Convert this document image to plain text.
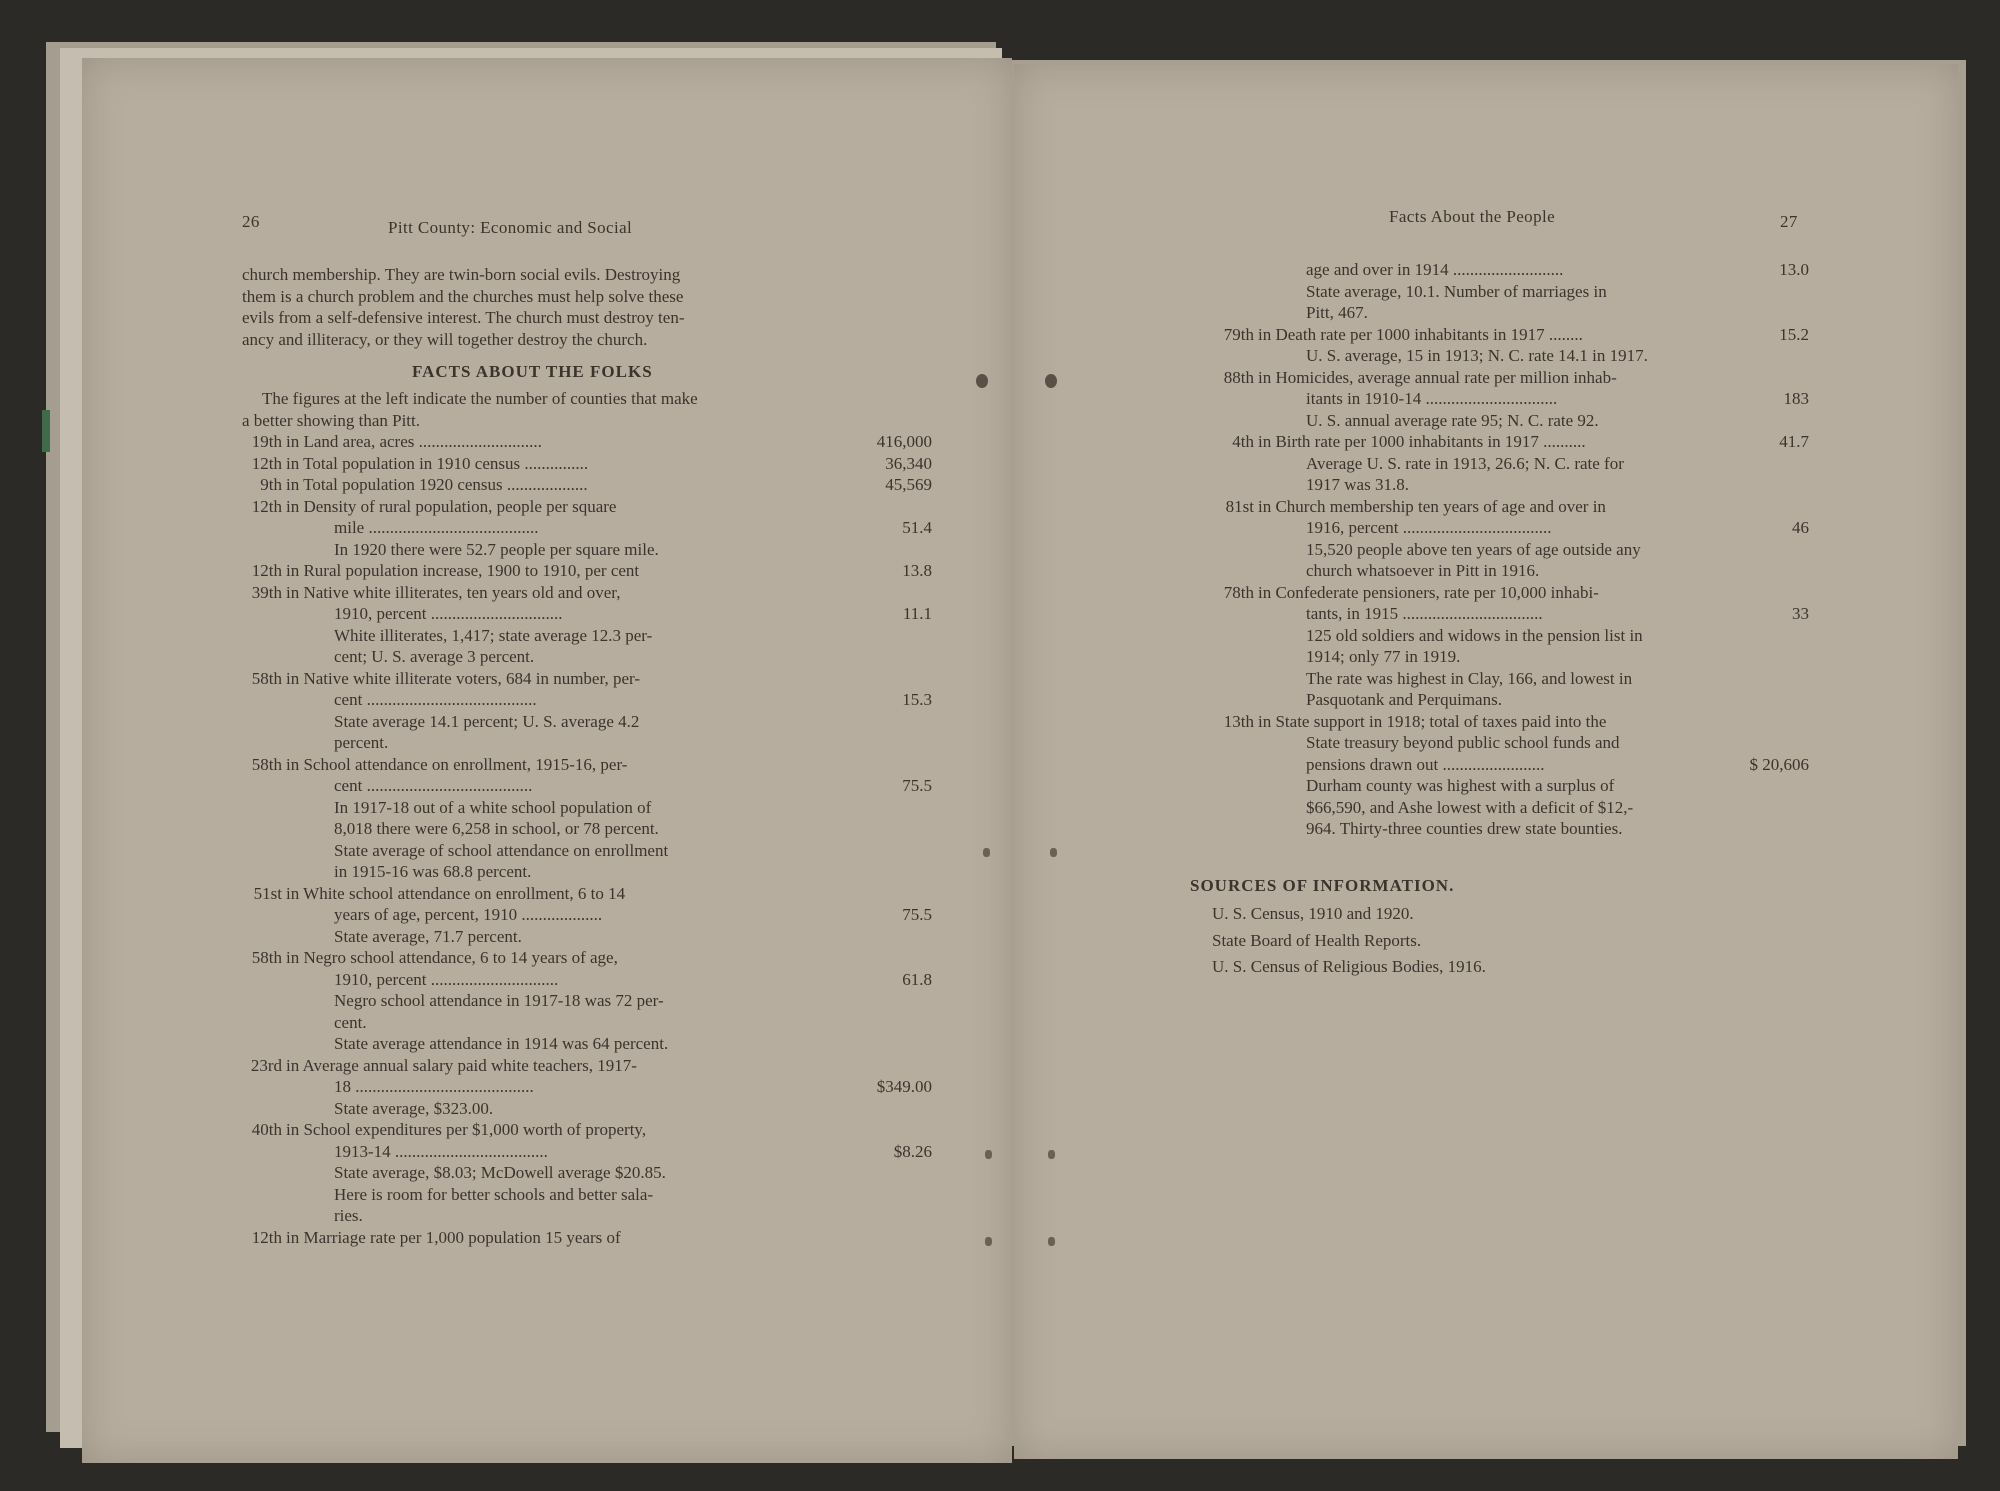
26	Pitt County: Economic and Social
church membership. They are twin-born social evils. Destroying
them is a church problem and the churches must help solve these
evils from a self-defensive interest. The church must destroy ten-
ancy and illiteracy, or they will together destroy the church.
FACTS ABOUT THE FOLKS
The figures at the left indicate the number of counties that make
a better showing than Pitt.
19th in Land area, acres .............................	416,000
12th in Total population in 1910 census ...............	36,340
9th in Total population 1920 census ...................	45,569
12th in Density of rural population, people per square
mile ........................................	51.4
In 1920 there were 52.7 people per square mile.
12th in Rural population increase, 1900 to 1910, per cent	13.8
39th in Native white illiterates, ten years old and over,
1910, percent ...............................	11.1
White illiterates, 1,417; state average 12.3 per-
cent; U. S. average 3 percent.
58th in Native white illiterate voters, 684 in number, per-
cent ........................................	15.3
State average 14.1 percent; U. S. average 4.2
percent.
58th in School attendance on enrollment, 1915-16, per-
cent .......................................	75.5
In 1917-18 out of a white school population of
8,018 there were 6,258 in school, or 78 percent.
State average of school attendance on enrollment
in 1915-16 was 68.8 percent.
51st in White school attendance on enrollment, 6 to 14
years of age, percent, 1910 ...................	75.5
State average, 71.7 percent.
58th in Negro school attendance, 6 to 14 years of age,
1910, percent ..............................	61.8
Negro school attendance in 1917-18 was 72 per-
cent.
State average attendance in 1914 was 64 percent.
23rd in Average annual salary paid white teachers, 1917-
18 ..........................................	$349.00
State average, $323.00.
40th in School expenditures per $1,000 worth of property,
1913-14 ....................................	$8.26
State average, $8.03; McDowell average $20.85.
Here is room for better schools and better sala-
ries.
12th in Marriage rate per 1,000 population 15 years of
Facts About the People	27
age and over in 1914 ..........................	13.0
State average, 10.1. Number of marriages in
Pitt, 467.
79th in Death rate per 1000 inhabitants in 1917 ........	15.2
U. S. average, 15 in 1913; N. C. rate 14.1 in 1917.
88th in Homicides, average annual rate per million inhab-
itants in 1910-14 ...............................	183
U. S. annual average rate 95; N. C. rate 92.
4th in Birth rate per 1000 inhabitants in 1917 ..........	41.7
Average U. S. rate in 1913, 26.6; N. C. rate for
1917 was 31.8.
81st in Church membership ten years of age and over in
1916, percent ...................................	46
15,520 people above ten years of age outside any
church whatsoever in Pitt in 1916.
78th in Confederate pensioners, rate per 10,000 inhabi-
tants, in 1915 .................................	33
125 old soldiers and widows in the pension list in
1914; only 77 in 1919.
The rate was highest in Clay, 166, and lowest in
Pasquotank and Perquimans.
13th in State support in 1918; total of taxes paid into the
State treasury beyond public school funds and
pensions drawn out ........................	$ 20,606
Durham county was highest with a surplus of
$66,590, and Ashe lowest with a deficit of $12,-
964. Thirty-three counties drew state bounties.
SOURCES OF INFORMATION.
U. S. Census, 1910 and 1920.
State Board of Health Reports.
U. S. Census of Religious Bodies, 1916.
